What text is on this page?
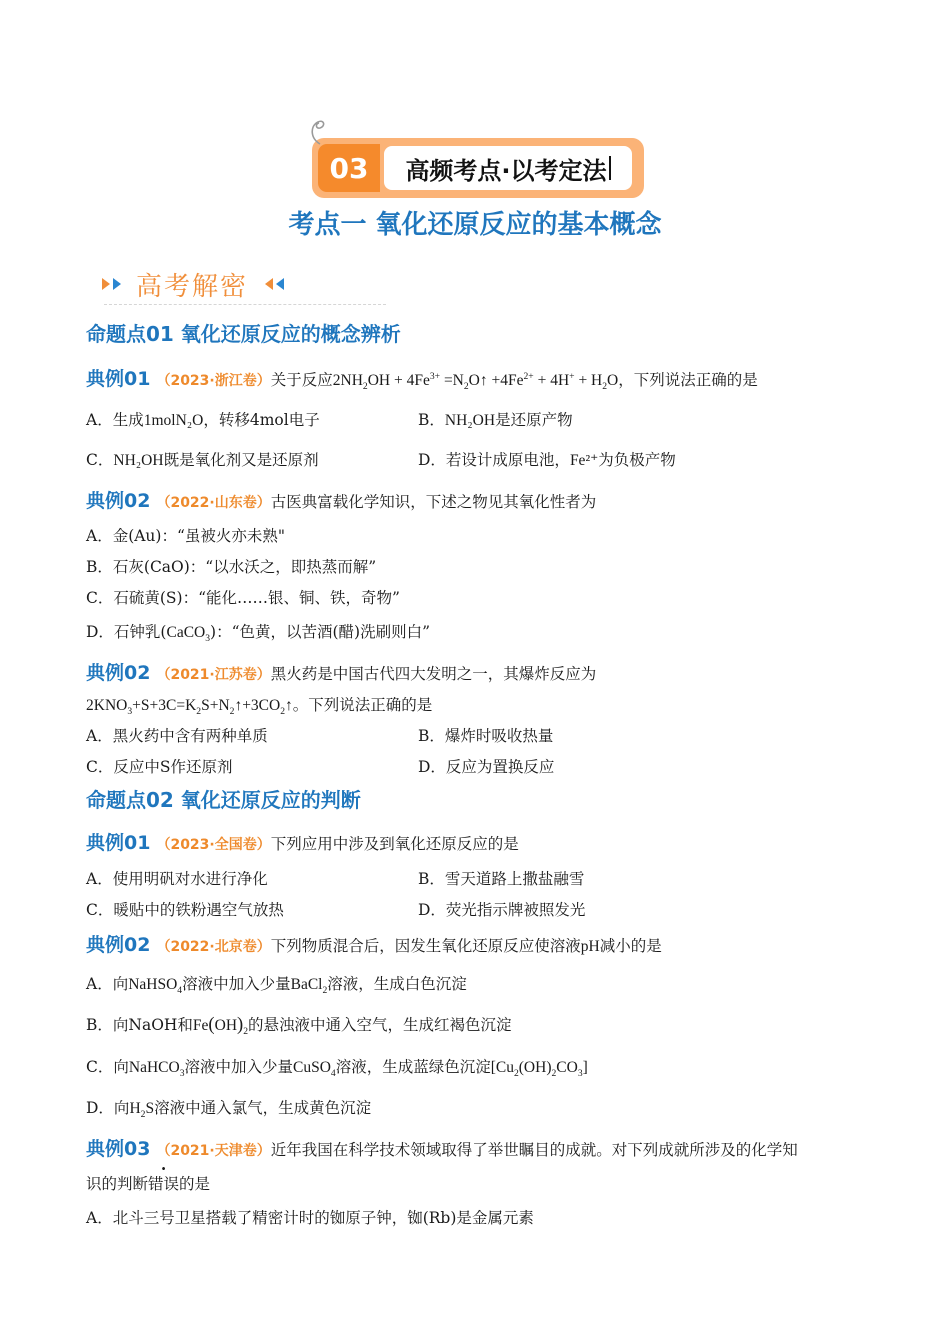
03	高频考点·以考定法
考点一 氧化还原反应的基本概念
高考解密
命题点01 氧化还原反应的概念辨析
典例01 （2023·浙江卷）关于反应$2NH_2OH + 4Fe^{3+}$ $=N_2O↑ +4Fe^{2+} + 4H^+ + H_2O$，下列说法正确的是
A．生成1molN₂O，转移4mol电子	B．NH₂OH是还原产物
C．NH₂OH既是氧化剂又是还原剂	D．若设计成原电池，Fe²⁺为负极产物
典例02 （2022·山东卷）古医典富载化学知识，下述之物见其氧化性者为
A．金(Au)：“虽被火亦未熟"
B．石灰(CaO)：“以水沃之，即热蒸而解”
C．石硫黄(S)：“能化……银、铜、铁，奇物”
D．石钟乳(CaCO$_3$)：“色黄，以苦酒(醋)洗刷则白”
典例02 （2021·江苏卷）黑火药是中国古代四大发明之一，其爆炸反应为
$2KNO_3+S+3C=K_2S+N_2↑+3CO_2↑$。下列说法正确的是
A．黑火药中含有两种单质	B．爆炸时吸收热量
C．反应中S作还原剂	D．反应为置换反应
命题点02 氧化还原反应的判断
典例01 （2023·全国卷）下列应用中涉及到氧化还原反应的是
A．使用明矾对水进行净化	B．雪天道路上撒盐融雪
C．暖贴中的铁粉遇空气放热	D．荧光指示牌被照发光
典例02 （2022·北京卷）下列物质混合后，因发生氧化还原反应使溶液pH减小的是
A．向NaHSO$_4$溶液中加入少量BaCl$_2$溶液，生成白色沉淀
B．向NaOH和$Fe(OH)_2$的悬浊液中通入空气，生成红褐色沉淀
C．向NaHCO$_3$溶液中加入少量CuSO$_4$溶液，生成蓝绿色沉淀$[Cu_2(OH)_2CO_3]$
D．向$H_2S$溶液中通入氯气，生成黄色沉淀
典例03 （2021·天津卷）近年我国在科学技术领域取得了举世瞩目的成就。对下列成就所涉及的化学知
识的判断错误的是
A．北斗三号卫星搭载了精密计时的铷原子钟，铷(Rb)是金属元素
